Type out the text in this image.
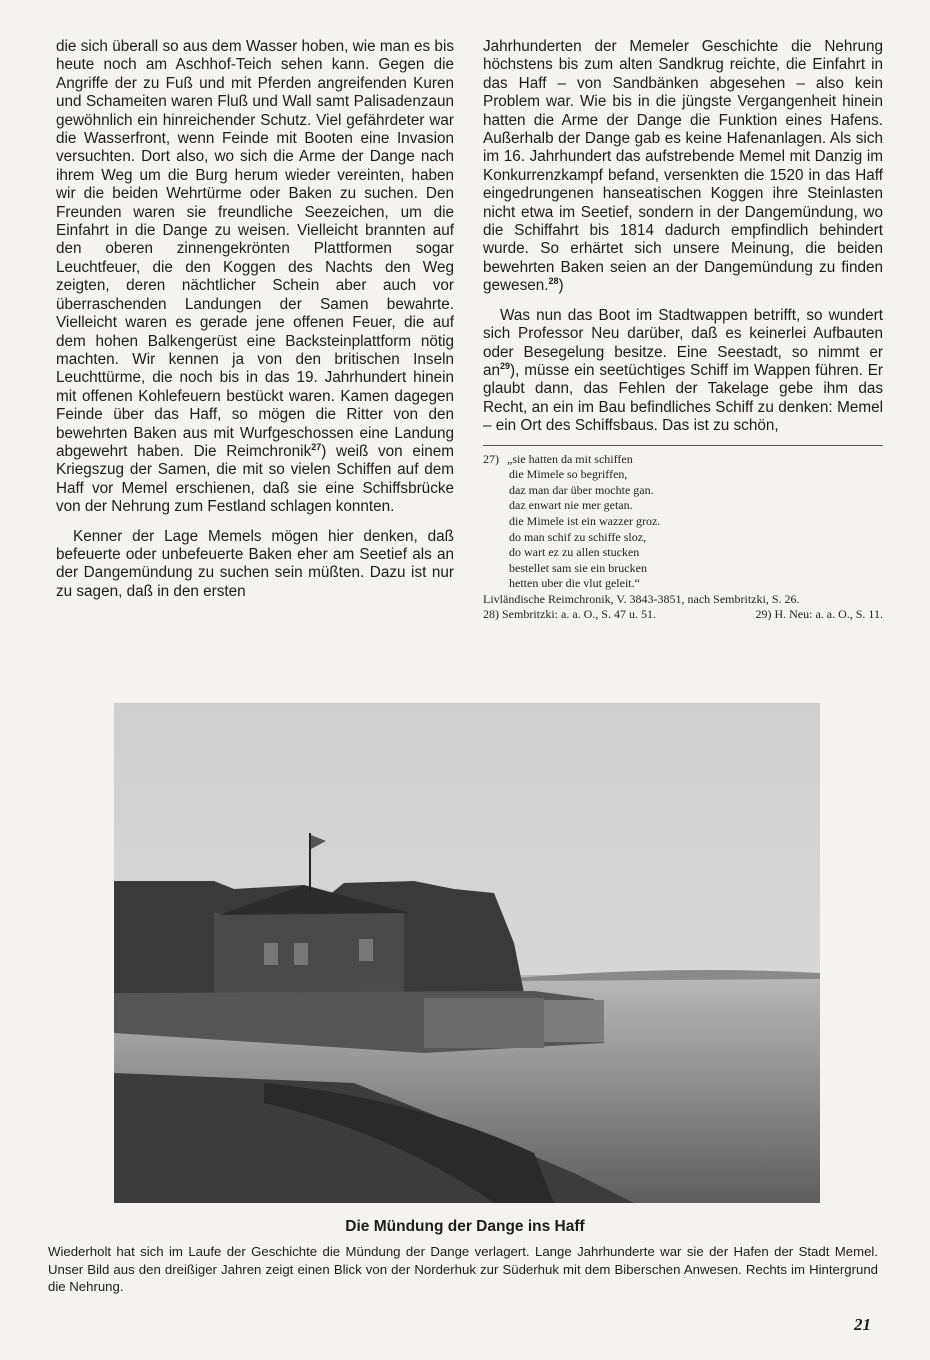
die sich überall so aus dem Wasser hoben, wie man es bis heute noch am Aschhof-Teich sehen kann. Gegen die Angriffe der zu Fuß und mit Pferden angreifenden Kuren und Schameiten waren Fluß und Wall samt Palisadenzaun gewöhnlich ein hinreichender Schutz. Viel gefährdeter war die Wasserfront, wenn Feinde mit Booten eine Invasion versuchten. Dort also, wo sich die Arme der Dange nach ihrem Weg um die Burg herum wieder vereinten, haben wir die beiden Wehrtürme oder Baken zu suchen. Den Freunden waren sie freundliche Seezeichen, um die Einfahrt in die Dange zu weisen. Vielleicht brannten auf den oberen zinnengekrönten Plattformen sogar Leuchtfeuer, die den Koggen des Nachts den Weg zeigten, deren nächtlicher Schein aber auch vor überraschenden Landungen der Samen bewahrte. Vielleicht waren es gerade jene offenen Feuer, die auf dem hohen Balkengerüst eine Backsteinplattform nötig machten. Wir kennen ja von den britischen Inseln Leuchttürme, die noch bis in das 19. Jahrhundert hinein mit offenen Kohlefeuern bestückt waren. Kamen dagegen Feinde über das Haff, so mögen die Ritter von den bewehrten Baken aus mit Wurfgeschossen eine Landung abgewehrt haben. Die Reimchronik$^{27}$) weiß von einem Kriegszug der Samen, die mit so vielen Schiffen auf dem Haff vor Memel erschienen, daß sie eine Schiffsbrücke von der Nehrung zum Festland schlagen konnten.

Kenner der Lage Memels mögen hier denken, daß befeuerte oder unbefeuerte Baken eher am Seetief als an der Dangemündung zu suchen sein müßten. Dazu ist nur zu sagen, daß in den ersten

Jahrhunderten der Memeler Geschichte die Nehrung höchstens bis zum alten Sandkrug reichte, die Einfahrt in das Haff – von Sandbänken abgesehen – also kein Problem war. Wie bis in die jüngste Vergangenheit hinein hatten die Arme der Dange die Funktion eines Hafens. Außerhalb der Dange gab es keine Hafenanlagen. Als sich im 16. Jahrhundert das aufstrebende Memel mit Danzig im Konkurrenzkampf befand, versenkten die 1520 in das Haff eingedrungenen hanseatischen Koggen ihre Steinlasten nicht etwa im Seetief, sondern in der Dangemündung, wo die Schiffahrt bis 1814 dadurch empfindlich behindert wurde. So erhärtet sich unsere Meinung, die beiden bewehrten Baken seien an der Dangemündung zu finden gewesen.$^{28}$)

Was nun das Boot im Stadtwappen betrifft, so wundert sich Professor Neu darüber, daß es keinerlei Aufbauten oder Besegelung besitze. Eine Seestadt, so nimmt er $an^{29}$), müsse ein seetüchtiges Schiff im Wappen führen. Er glaubt dann, das Fehlen der Takelage gebe ihm das Recht, an ein im Bau befindliches Schiff zu denken: Memel – ein Ort des Schiffsbaus. Das ist zu schön,

27) „sie hatten da mit schiffen
die Mimele so begriffen,
daz man dar über mochte gan.
daz enwart nie mer getan.
die Mimele ist ein wazzer groz.
do man schif zu schiffe sloz,
do wart ez zu allen stucken
bestellet sam sie ein brucken
hetten uber die vlut geleit.“
Livländische Reimchronik, V. 3843-3851, nach Sembritzki, S. 26.
28) Sembritzki: a. a. O., S. 47 u. 51.	29) H. Neu: a. a. O., S. 11.
Die Mündung der Dange ins Haff
Wiederholt hat sich im Laufe der Geschichte die Mündung der Dange verlagert. Lange Jahrhunderte war sie der Hafen der Stadt Memel. Unser Bild aus den dreißiger Jahren zeigt einen Blick von der Norderhuk zur Süderhuk mit dem Biberschen Anwesen. Rechts im Hintergrund die Nehrung.
21
